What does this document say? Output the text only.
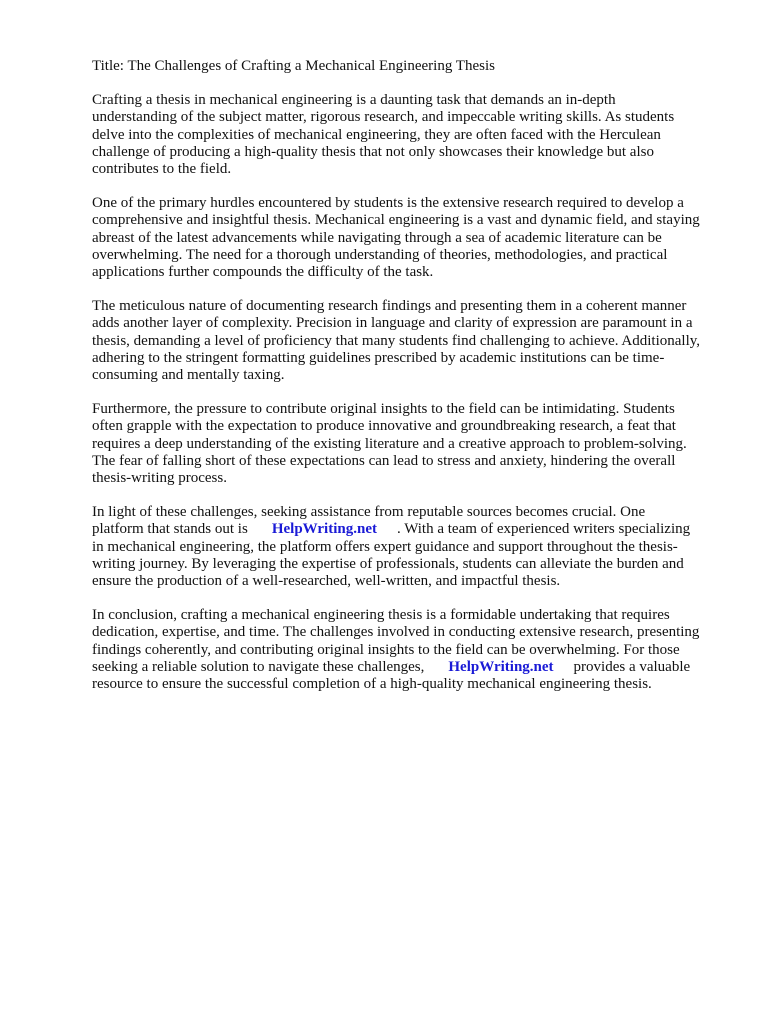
Title: The Challenges of Crafting a Mechanical Engineering Thesis

Crafting a thesis in mechanical engineering is a daunting task that demands an in-depth
understanding of the subject matter, rigorous research, and impeccable writing skills. As students
delve into the complexities of mechanical engineering, they are often faced with the Herculean
challenge of producing a high-quality thesis that not only showcases their knowledge but also
contributes to the field.

One of the primary hurdles encountered by students is the extensive research required to develop a
comprehensive and insightful thesis. Mechanical engineering is a vast and dynamic field, and staying
abreast of the latest advancements while navigating through a sea of academic literature can be
overwhelming. The need for a thorough understanding of theories, methodologies, and practical
applications further compounds the difficulty of the task.

The meticulous nature of documenting research findings and presenting them in a coherent manner
adds another layer of complexity. Precision in language and clarity of expression are paramount in a
thesis, demanding a level of proficiency that many students find challenging to achieve. Additionally,
adhering to the stringent formatting guidelines prescribed by academic institutions can be time-
consuming and mentally taxing.

Furthermore, the pressure to contribute original insights to the field can be intimidating. Students
often grapple with the expectation to produce innovative and groundbreaking research, a feat that
requires a deep understanding of the existing literature and a creative approach to problem-solving.
The fear of falling short of these expectations can lead to stress and anxiety, hindering the overall
thesis-writing process.

In light of these challenges, seeking assistance from reputable sources becomes crucial. One
platform that stands out is HelpWriting.net . With a team of experienced writers specializing
in mechanical engineering, the platform offers expert guidance and support throughout the thesis-
writing journey. By leveraging the expertise of professionals, students can alleviate the burden and
ensure the production of a well-researched, well-written, and impactful thesis.

In conclusion, crafting a mechanical engineering thesis is a formidable undertaking that requires
dedication, expertise, and time. The challenges involved in conducting extensive research, presenting
findings coherently, and contributing original insights to the field can be overwhelming. For those
seeking a reliable solution to navigate these challenges, HelpWriting.net provides a valuable
resource to ensure the successful completion of a high-quality mechanical engineering thesis.
